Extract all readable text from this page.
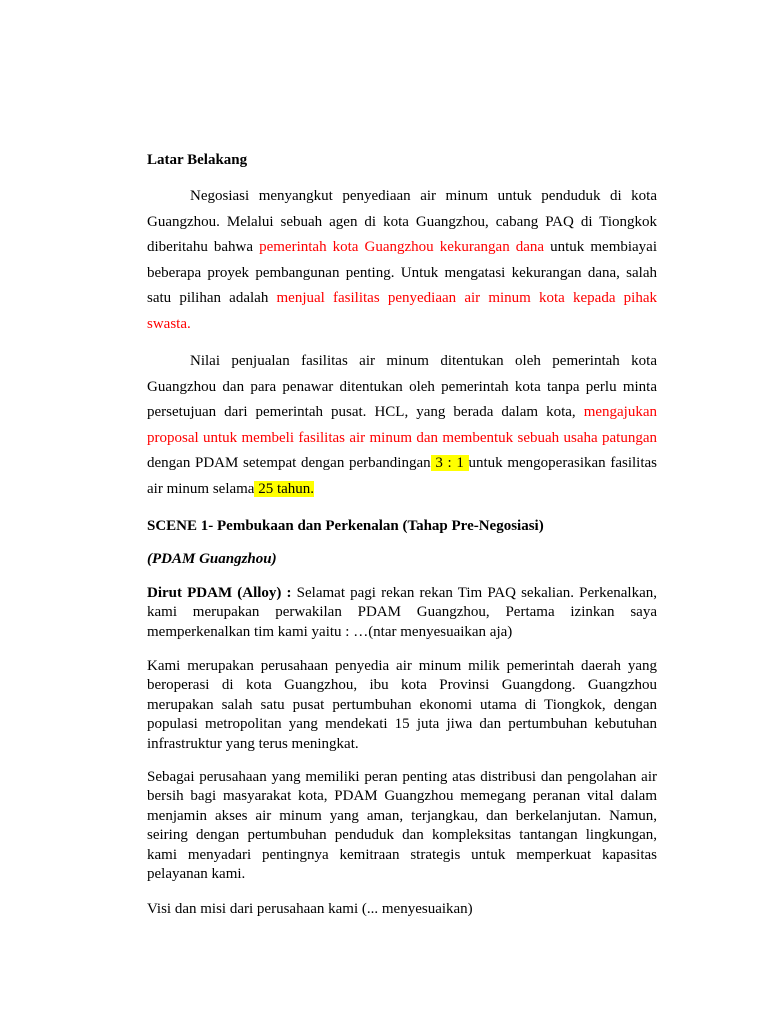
Latar Belakang

Negosiasi menyangkut penyediaan air minum untuk penduduk di kota Guangzhou. Melalui sebuah agen di kota Guangzhou, cabang PAQ di Tiongkok diberitahu bahwa pemerintah kota Guangzhou kekurangan dana untuk membiayai beberapa proyek pembangunan penting. Untuk mengatasi kekurangan dana, salah satu pilihan adalah menjual fasilitas penyediaan air minum kota kepada pihak swasta.

Nilai penjualan fasilitas air minum ditentukan oleh pemerintah kota Guangzhou dan para penawar ditentukan oleh pemerintah kota tanpa perlu minta persetujuan dari pemerintah pusat. HCL, yang berada dalam kota, mengajukan proposal untuk membeli fasilitas air minum dan membentuk sebuah usaha patungan dengan PDAM setempat dengan perbandingan 3 : 1 untuk mengoperasikan fasilitas air minum selama 25 tahun.

SCENE 1- Pembukaan dan Perkenalan (Tahap Pre-Negosiasi)
(PDAM Guangzhou)

Dirut PDAM (Alloy) : Selamat pagi rekan rekan Tim PAQ sekalian. Perkenalkan, kami merupakan perwakilan PDAM Guangzhou, Pertama izinkan saya memperkenalkan tim kami yaitu : …(ntar menyesuaikan aja)

Kami merupakan perusahaan penyedia air minum milik pemerintah daerah yang beroperasi di kota Guangzhou, ibu kota Provinsi Guangdong. Guangzhou merupakan salah satu pusat pertumbuhan ekonomi utama di Tiongkok, dengan populasi metropolitan yang mendekati 15 juta jiwa dan pertumbuhan kebutuhan infrastruktur yang terus meningkat.

Sebagai perusahaan yang memiliki peran penting atas distribusi dan pengolahan air bersih bagi masyarakat kota, PDAM Guangzhou memegang peranan vital dalam menjamin akses air minum yang aman, terjangkau, dan berkelanjutan. Namun, seiring dengan pertumbuhan penduduk dan kompleksitas tantangan lingkungan, kami menyadari pentingnya kemitraan strategis untuk memperkuat kapasitas pelayanan kami.

Visi dan misi dari perusahaan kami (... menyesuaikan)
